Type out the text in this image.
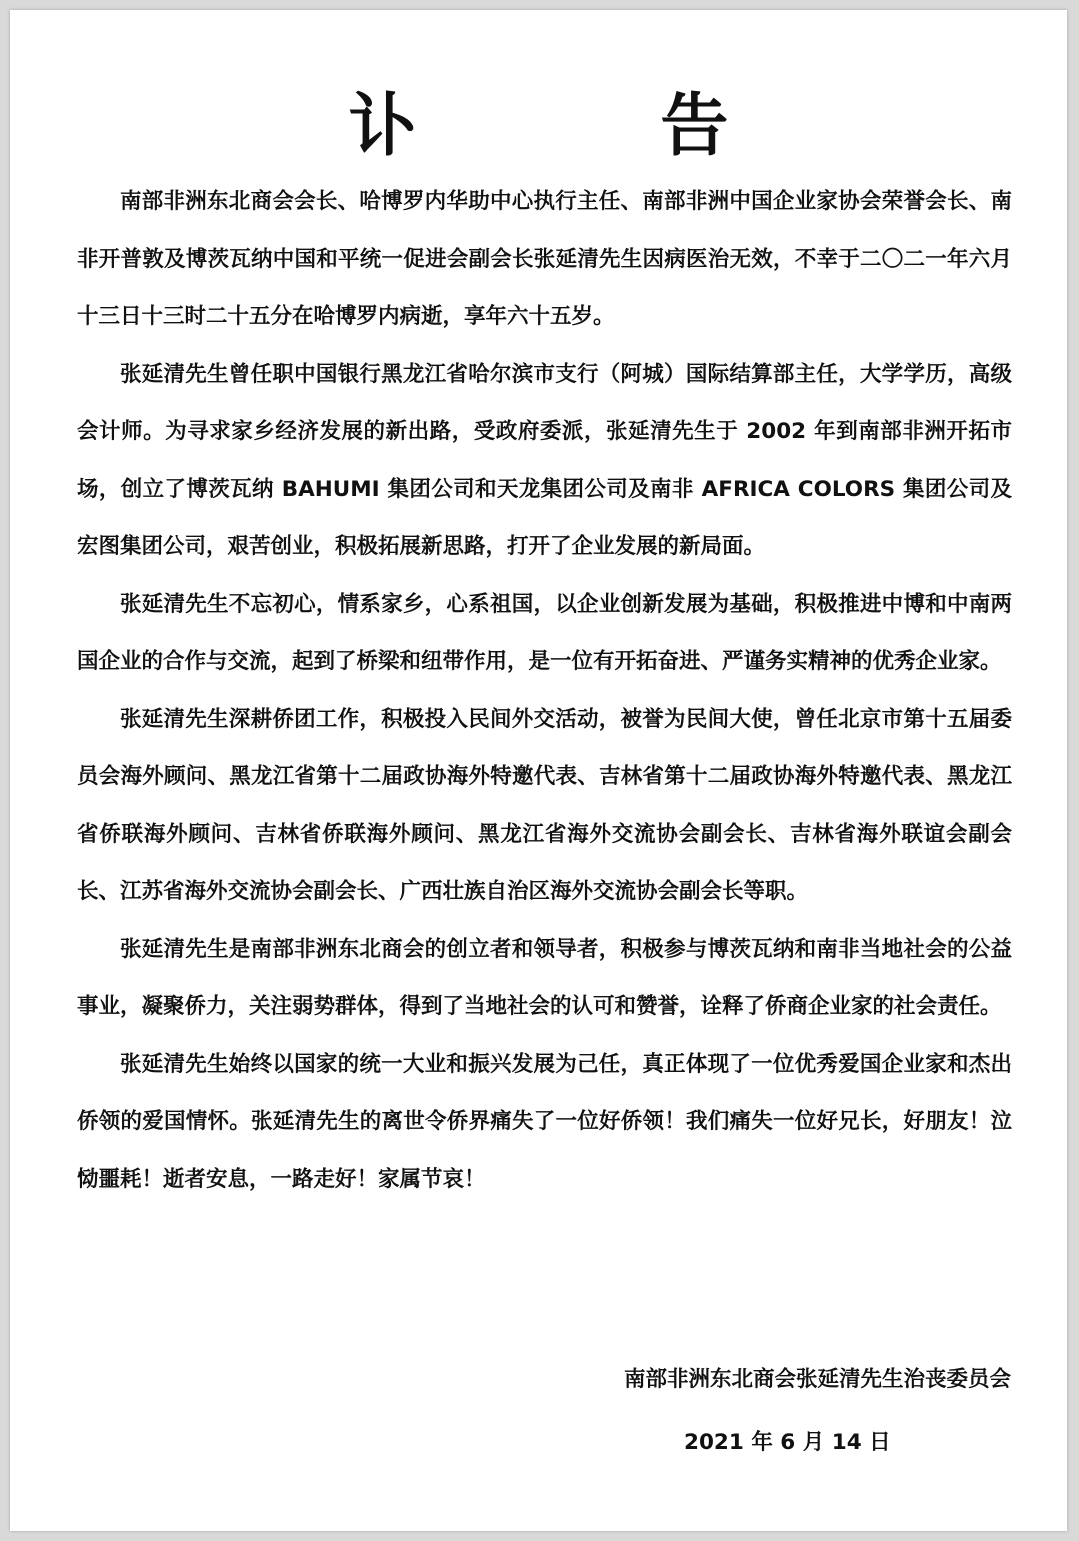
讣 告

南部非洲东北商会会长、哈博罗内华助中心执行主任、南部非洲中国企业家协会荣誉会长、南非开普敦及博茨瓦纳中国和平统一促进会副会长张延清先生因病医治无效，不幸于二〇二一年六月十三日十三时二十五分在哈博罗内病逝，享年六十五岁。

张延清先生曾任职中国银行黑龙江省哈尔滨市支行（阿城）国际结算部主任，大学学历，高级会计师。为寻求家乡经济发展的新出路，受政府委派，张延清先生于 2002 年到南部非洲开拓市场，创立了博茨瓦纳 BAHUMI 集团公司和天龙集团公司及南非 AFRICA COLORS 集团公司及宏图集团公司，艰苦创业，积极拓展新思路，打开了企业发展的新局面。

张延清先生不忘初心，情系家乡，心系祖国，以企业创新发展为基础，积极推进中博和中南两国企业的合作与交流，起到了桥梁和纽带作用，是一位有开拓奋进、严谨务实精神的优秀企业家。

张延清先生深耕侨团工作，积极投入民间外交活动，被誉为民间大使，曾任北京市第十五届委员会海外顾问、黑龙江省第十二届政协海外特邀代表、吉林省第十二届政协海外特邀代表、黑龙江省侨联海外顾问、吉林省侨联海外顾问、黑龙江省海外交流协会副会长、吉林省海外联谊会副会长、江苏省海外交流协会副会长、广西壮族自治区海外交流协会副会长等职。

张延清先生是南部非洲东北商会的创立者和领导者，积极参与博茨瓦纳和南非当地社会的公益事业，凝聚侨力，关注弱势群体，得到了当地社会的认可和赞誉，诠释了侨商企业家的社会责任。

张延清先生始终以国家的统一大业和振兴发展为己任，真正体现了一位优秀爱国企业家和杰出侨领的爱国情怀。张延清先生的离世令侨界痛失了一位好侨领！我们痛失一位好兄长，好朋友！泣恸噩耗！逝者安息，一路走好！家属节哀！

南部非洲东北商会张延清先生治丧委员会

2021 年 6 月 14 日
